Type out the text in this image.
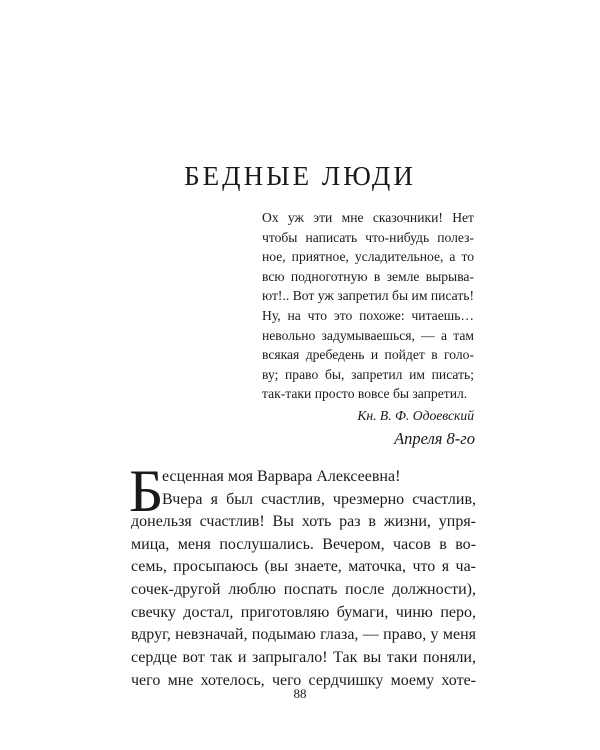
БЕДНЫЕ ЛЮДИ
Ох уж эти мне сказочники! Нет
чтобы написать что-нибудь полез-
ное, приятное, усладительное, а то
всю подноготную в земле вырыва-
ют!.. Вот уж запретил бы им писать!
Ну, на что это похоже: читаешь…
невольно задумываешься, — а там
всякая дребедень и пойдет в голо-
ву; право бы, запретил им писать;
так-таки просто вовсе бы запретил.
Кн. В. Ф. Одоевский
Апреля 8-го
Б
есценная моя Варвара Алексеевна!
Вчера я был счастлив, чрезмерно счастлив,
донельзя счастлив! Вы хоть раз в жизни, упря-
мица, меня послушались. Вечером, часов в во-
семь, просыпаюсь (вы знаете, маточка, что я ча-
сочек-другой люблю поспать после должности),
свечку достал, приготовляю бумаги, чиню перо,
вдруг, невзначай, подымаю глаза, — право, у меня
сердце вот так и запрыгало! Так вы таки поняли,
чего мне хотелось, чего сердчишку моему хоте-
88
